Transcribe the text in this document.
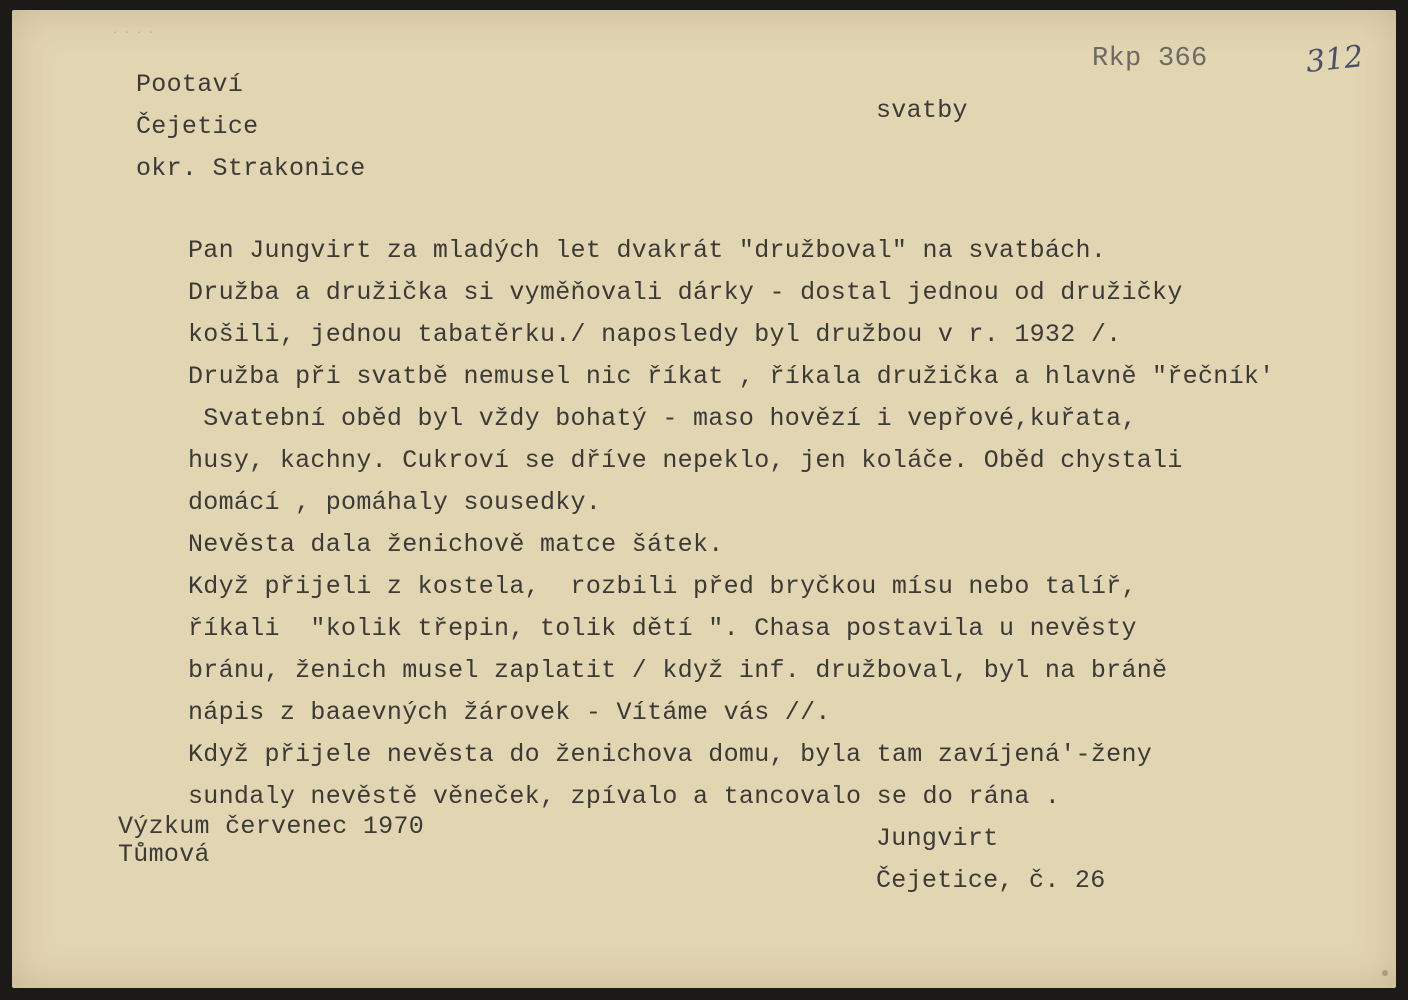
· · · ·
Pootaví
Čejetice
okr. Strakonice
svatby
Rkp 366	312
Pan Jungvirt za mladých let dvakrát "družboval" na svatbách.
Družba a družička si vyměňovali dárky - dostal jednou od družičky
košili, jednou tabatěrku./ naposledy byl družbou v r. 1932 /.
Družba při svatbě nemusel nic říkat , říkala družička a hlavně "řečník'
Svatební oběd byl vždy bohatý - maso hovězí i vepřové,kuřata,
husy, kachny. Cukroví se dříve nepeklo, jen koláče. Oběd chystali
domácí , pomáhaly sousedky.
Nevěsta dala ženichově matce šátek.
Když přijeli z kostela,  rozbili před bryčkou mísu nebo talíř,
říkali  "kolik třepin, tolik dětí ". Chasa postavila u nevěsty
bránu, ženich musel zaplatit / když inf. družboval, byl na bráně
nápis z baaevných žárovek - Vítáme vás //.
Když přijele nevěsta do ženichova domu, byla tam zavíjená'-ženy
sundaly nevěstě věneček, zpívalo a tancovalo se do rána .
Výzkum červenec 1970
Tůmová
Jungvirt
Čejetice, č. 26
